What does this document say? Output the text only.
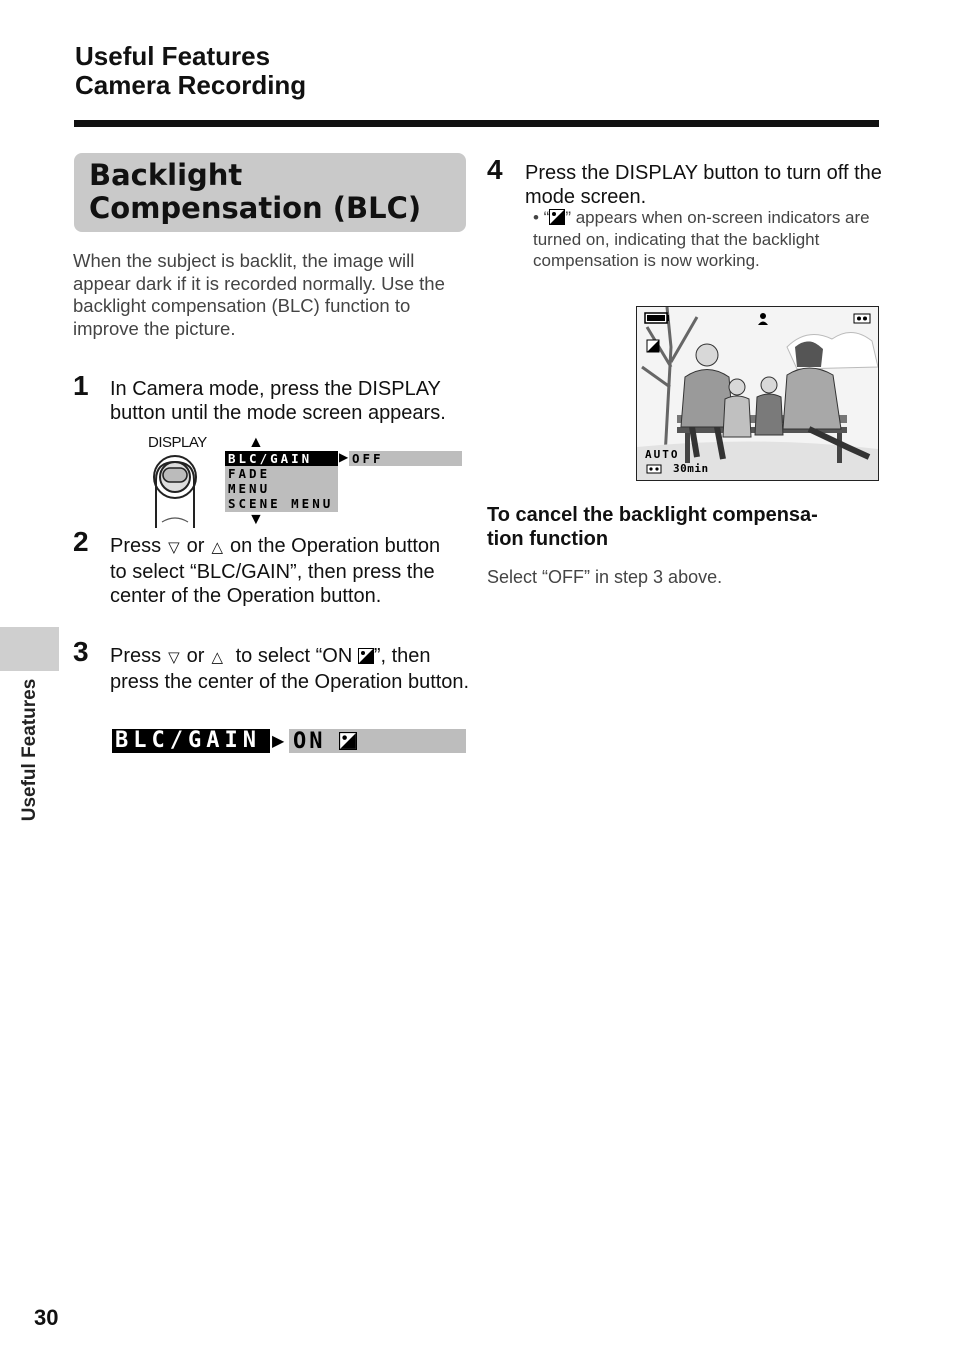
Useful Features
Camera Recording
Backlight
Compensation (BLC)
When the subject is backlit, the image will appear dark if it is recorded normally. Use the backlight compensation (BLC) function to improve the picture.
1 In Camera mode, press the DISPLAY button until the mode screen appears.
DISPLAY	▲
BLC/GAIN	▶ OFF
FADE
MENU
SCENE MENU
▼
2 Press ▽ or △ on the Operation button to select “BLC/GAIN”, then press the center of the Operation button.
3 Press ▽ or △ to select “ON ”, then press the center of the Operation button.
BLC/GAIN ▶ ON
4 Press the DISPLAY button to turn off the mode screen.
• “ ” appears when on-screen indicators are turned on, indicating that the backlight compensation is now working.
AUTO
30min
To cancel the backlight compensa-
tion function
Select “OFF” in step 3 above.
Useful Features
30
